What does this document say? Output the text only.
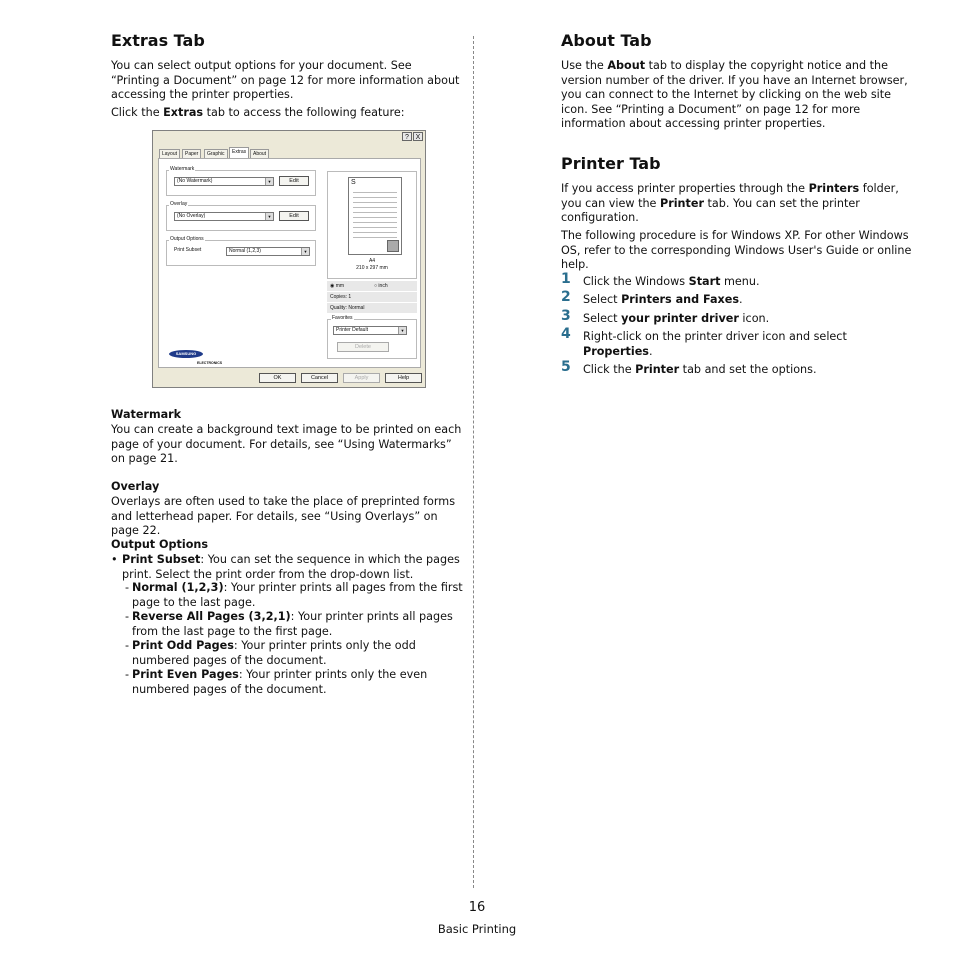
Extras Tab

You can select output options for your document. See “Printing a Document” on page 12 for more information about accessing the printer properties.

Click the Extras tab to access the following feature:

? X
Layout	Paper	Graphic	Extras	About
Watermark
(No Watermark)	▼	Edit
Overlay
(No Overlay)	▼	Edit
Output Options
Print Subset	Normal (1,2,3)	▼
S
A4
210 x 297 mm
◉ mm	○ inch
Copies: 1
Quality: Normal
Favorites
Printer Default	▼
Delete
SAMSUNG
ELECTRONICS
OK	Cancel	Apply	Help
Watermark

You can create a background text image to be printed on each page of your document. For details, see “Using Watermarks” on page 21.

Overlay

Overlays are often used to take the place of preprinted forms and letterhead paper. For details, see “Using Overlays” on page 22.

Output Options
• Print Subset: You can set the sequence in which the pages print. Select the print order from the drop-down list.

- Normal (1,2,3): Your printer prints all pages from the first page to the last page.

- Reverse All Pages (3,2,1): Your printer prints all pages from the last page to the first page.

- Print Odd Pages: Your printer prints only the odd numbered pages of the document.

- Print Even Pages: Your printer prints only the even numbered pages of the document.

About Tab

Use the About tab to display the copyright notice and the version number of the driver. If you have an Internet browser, you can connect to the Internet by clicking on the web site icon. See “Printing a Document” on page 12 for more information about accessing printer properties.

Printer Tab

If you access printer properties through the Printers folder, you can view the Printer tab. You can set the printer configuration.

The following procedure is for Windows XP. For other Windows OS, refer to the corresponding Windows User's Guide or online help.

1 Click the Windows Start menu.

2 Select Printers and Faxes.

3 Select your printer driver icon.

4 Right-click on the printer driver icon and select Properties.

5 Click the Printer tab and set the options.

16
Basic Printing
